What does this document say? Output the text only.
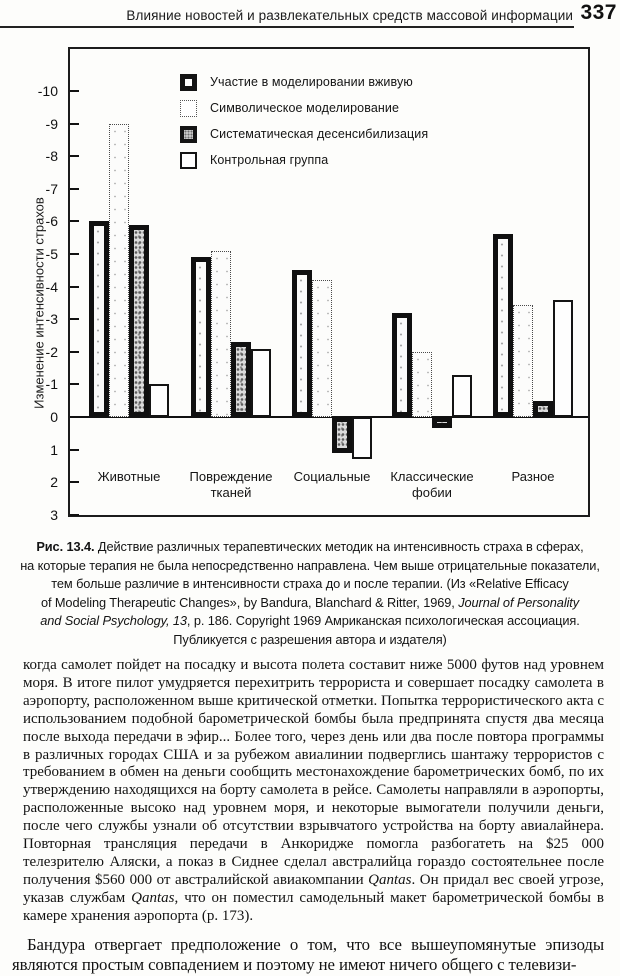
Влияние новостей и развлекательных средств массовой информации 337
Изменение интенсивности страхов
Участие в моделировании вживую
Символическое моделирование
Систематическая десенсибилизация
Контрольная группа
Животные	Повреждение тканей
Социальные	Классические фобии
Разное
-10
-9
-8
-7
-6
-5
-4
-3
-2
-1
0
1
2
3
Рис. 13.4. Действие различных терапевтических методик на интенсивность страха в сферах,
на которые терапия не была непосредственно направлена. Чем выше отрицательные показатели,
тем больше различие в интенсивности страха до и после терапии. (Из «Relative Efficacy
of Modeling Therapeutic Changes», by Bandura, Blanchard & Ritter, 1969, Journal of Personality
and Social Psychology, 13, p. 186. Copyright 1969 Амриканская психологическая ассоциация.
Публикуется с разрешения автора и издателя)

когда самолет пойдет на посадку и высота полета составит ниже 5000 футов над уровнем моря. В итоге пилот умудряется перехитрить террориста и совершает посадку самолета в аэропорту, расположенном выше критической отметки. Попытка террористического акта с использованием подобной барометрической бомбы была предпринята спустя два месяца после выхода передачи в эфир... Более того, через день или два после повтора программы в различных городах США и за рубежом авиалинии подверглись шантажу террористов с требованием в обмен на деньги сообщить местонахождение барометрических бомб, по их утверждению находящихся на борту самолета в рейсе. Самолеты направляли в аэропорты, расположенные высоко над уровнем моря, и некоторые вымогатели получили деньги, после чего службы узнали об отсутствии взрывчатого устройства на борту авиалайнера. Повторная трансляция передачи в Анкоридже помогла разбогатеть на $25 000 телезрителю Аляски, а показ в Сиднее сделал австралийца гораздо состоятельнее после получения $560 000 от австралийской авиакомпании Qantas. Он придал вес своей угрозе, указав службам Qantas, что он поместил самодельный макет барометрической бомбы в камере хранения аэропорта (р. 173).

Бандура отвергает предположение о том, что все вышеупомянутые эпизоды являются простым совпадением и поэтому не имеют ничего общего с телевизи-
